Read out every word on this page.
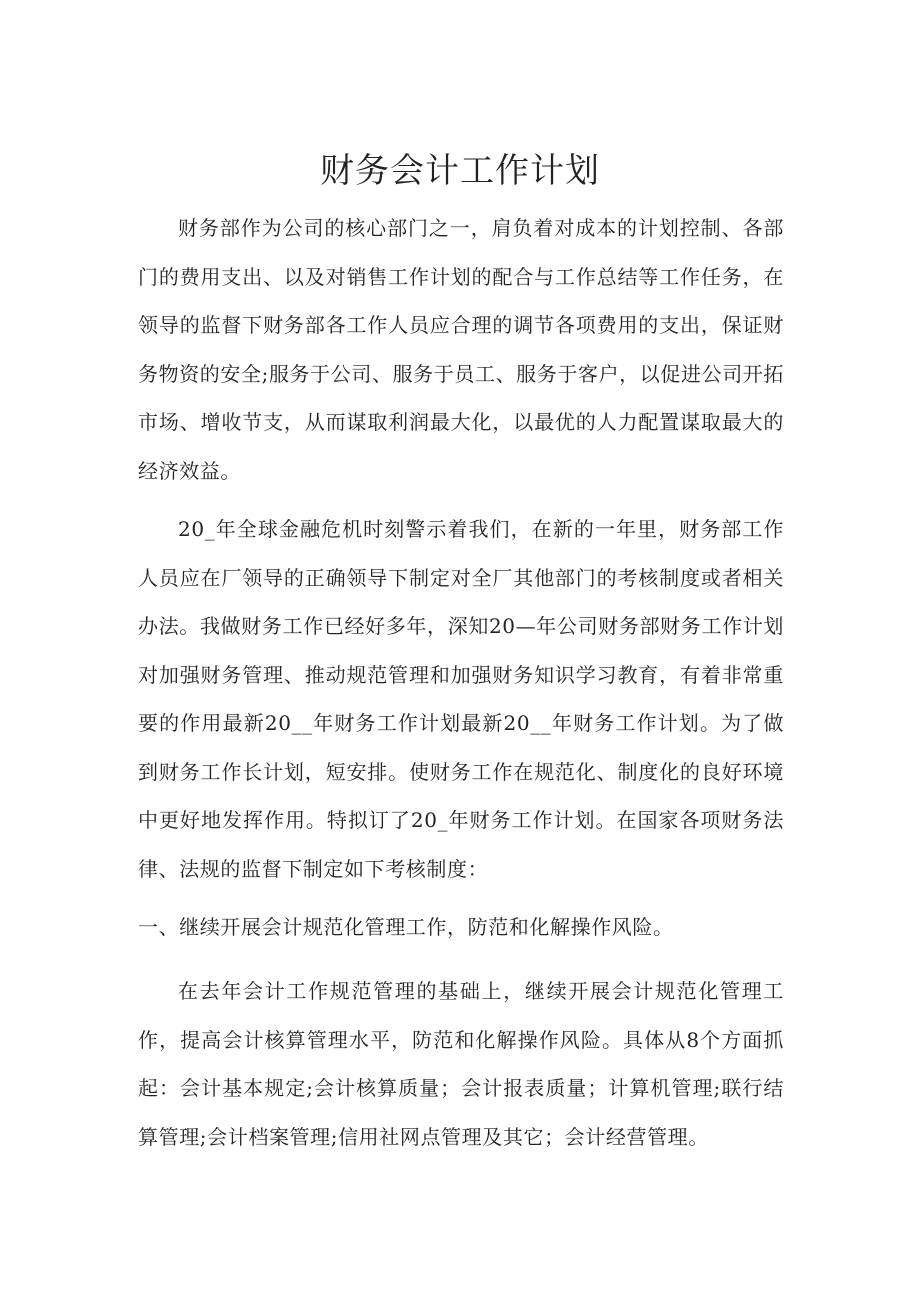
财务会计工作计划

财务部作为公司的核心部门之一，肩负着对成本的计划控制、各部门的费用支出、以及对销售工作计划的配合与工作总结等工作任务，在领导的监督下财务部各工作人员应合理的调节各项费用的支出，保证财务物资的安全;服务于公司、服务于员工、服务于客户，以促进公司开拓市场、增收节支，从而谋取利润最大化，以最优的人力配置谋取最大的经济效益。

20_年全球金融危机时刻警示着我们，在新的一年里，财务部工作人员应在厂领导的正确领导下制定对全厂其他部门的考核制度或者相关办法。我做财务工作已经好多年，深知20—年公司财务部财务工作计划对加强财务管理、推动规范管理和加强财务知识学习教育，有着非常重要的作用最新20__年财务工作计划最新20__年财务工作计划。为了做到财务工作长计划，短安排。使财务工作在规范化、制度化的良好环境中更好地发挥作用。特拟订了20_年财务工作计划。在国家各项财务法律、法规的监督下制定如下考核制度：

一、继续开展会计规范化管理工作，防范和化解操作风险。

在去年会计工作规范管理的基础上，继续开展会计规范化管理工作，提高会计核算管理水平，防范和化解操作风险。具体从8个方面抓起：会计基本规定;会计核算质量；会计报表质量；计算机管理;联行结算管理;会计档案管理;信用社网点管理及其它；会计经营管理。
